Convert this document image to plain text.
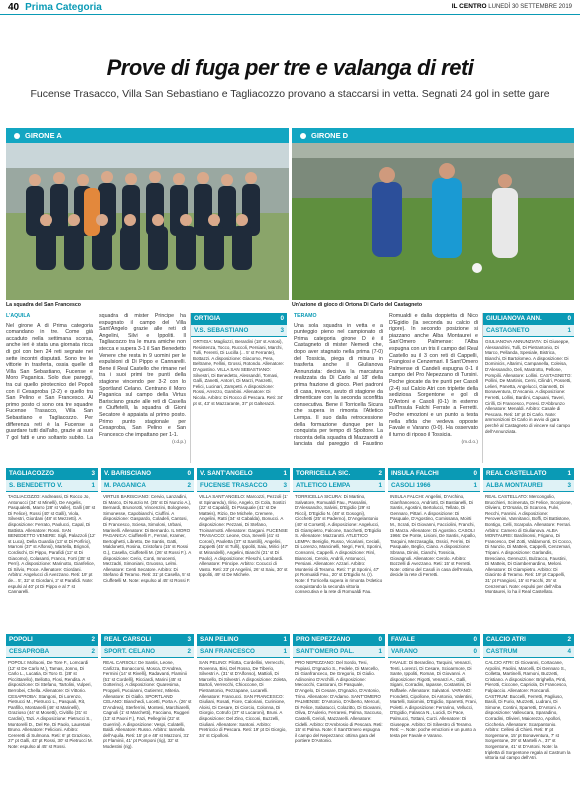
40 Prima Categoria	IL CENTRO LUNEDÌ 30 SETTEMBRE 2019
Prove di fuga per tre e valanga di reti
Fucense Trasacco, Villa San Sebastiano e Tagliacozzo provano a staccarsi in vetta. Segnati 24 gol in sette gare
GIRONE A	GIRONE D
La squadra del San Francesco	Un'azione di gioco di Ortona Di Carlo del Castagneto
L'AQUILA
Nel girone A di Prima categoria comandano in tre. Come già accaduto nella settimana scorsa, anche ieri è stata una giornata ricca di gol con ben 24 reti segnate nei sette incontri disputati. Sono tre le vittorie in trasferta, ossia quelle di Villa San Sebastiano, Fucense e Moro Paganica. Solo due pareggi, tra cui quello pirotecnico del Popoli con il Cesaprobа (2-2) e quello tra San Pelino e San Francesco. Al primo posto ci sono ora tre squadre Fucense Trasacco, Villa San Sebastiano e Tagliacozzo. Per differenza reti è la Fucense a guardare tutti dall'alto, grazie ai suoi 7 gol fatti e uno soltanto subito. La squadra di mister Principe ha espugnato il campo del Villa Sant'Angelo grazie alle reti di Angelini, Silvi e Ippoliti. Il Tagliacozzo tra le mura amiche non stecca e supera 3-1 il San Benedetto Venere che resta in 9 uomini per le espulsioni di Di Pippo e Cannarelli. Bene il Real Castello che rimane nel tra i suoi primi tre punti della stagione vincendo per 3-2 con lo Sportland Celano. Centrano il Moro Paganica sul campo della Virtus Barisciano grazie alle reti di Casella e Ciuffetelli, la squadra di Gioni Secatore è appaiata al primo posto. Primo punto stagionale per Cesaprobа, San Pelino e San Francesco che impattano per 1-1.
(r.d.p.)
ORTIGIA	0
V.S. SEBASTIANO	3
ORTIGIA: Magliozzi, Berardini (18' st Antosi), Resistenza, Tocco, Ruccoli, Persiani, Marchi, Tulli, Ferenti, Di Lucilla (... 5' st Ferrante), Bottazzi. A disposizione: Giacomo, Pera, Beltrame, Fellini, Grossi, Rotondo. Allenatore: D'Agostino. VILLA SAN SEBASTIANO: Silvestri, Di Benedetto, Alessandri, Tomasi, Galli, Zanetti, Antorri, Di Marzi, Panzetti, Felici, Lucinari, Zampetti. A disposizione: Rossi, Arrezzo, Gambini. Allenatore: Di Nicola. Arbitro: Di Rocco di Pescara. Reti: 34' pt st, 43' st Mazzarante, 37' pt Galterazzi.
TERAMO
Una sola squadra in vetta e a punteggio pieno nel campionato di Prima categoria girone D è il Castagneto di mister Nemedi che, dopo aver stagnato nella prima (7-0) del Tossicia, piega di misura in trasferta anche il Giulianova Annunziata: decisiva la marcatura realizzata da Di Carlo al 18' della prima frazione di gioco. Pieri padroni di casa, invece, avuto di stagione da dimenticare con la seconda sconfitta consecutiva. Bene il Torricella Sicura che supera in rimonta l'Atletico Lempa. Il suo dalla retrocessione della formazione dunque per la conquista per tempo di Spoltore. La risconta della squadra di Mazzarotti è lanciata dal pareggio di Faustino Romualdi e dalla doppietta di Nico D'Egidio (la seconda su calcio di rigore). In secondo posizione si piazzano anche Alba Montaurei e San'Omero Palmense: l'Alba espugna con un tris il campo del Real Castello su il 3 con reti di Cappelli, Frangiosi e Cenzemari. Il Sant'Omero Palmense di Candeli espugna 0-1 il campo del Pro Nepezzano di Tursini. Poche giocate da tre punti per Casoli (2-4) sul Calcio Atri con triplette della sediziosa Sorgentone e gol di D'Antoni e Casoli (0-1) in esterno sull'Insula Falchi Ferrate a Ferretti. Poche emozioni e un punto a testa nella sfida che vedeva opposte Favale e Varano (0-0). Ha osservato il turno di riposo il Tossicia.
(m.d.o.)
GIULIANOVA ANN.	0
CASTAGNETO	1
GIULIANOVA ANNUNZIATA: Di Giuseppe, Alessandrini, Tulli, Di Pietrantonio, Di Marco, Pellanda, Spesiale, Bistrica, Bianchi, Di Bartolomeo. A disposizione: Di Dominicis, Altarimi, Campanella, Coleisa, D'Alessandro, Deli, Mastrotto, Pellone, Pompilii. Allenatore: Lollini. CASTAGNETO: Pollini, De Martinis, Cerni, Cilindri, Possetti, Lelieri, Panetta, Angelucci, Giannetti, Di Bonaventura, D'Ascanio. A disposizione: Ferretti, Lollini, Bardini, Capuani, Taveri, Cirilli, Di Francesco, Foresi. D'Abbrunzo Allenatore: Menaldi. Arbitro: Casale di Pescara. Reti: 18' pt Di Carlo. Note: ammonizioni Di Carlo in avvio di gara perché al Castagneto di vincere sul campo dell'Annunziata.
TAGLIACOZZO	3
S. BENEDETTO V.	1
TAGLIACOZZO: Andreassi, Di Rocco Jo, Antonucci (34' st Minelli), De Angelis, Pasqualetti, Marro (28' st Valle), Galli (48' st Di Felice), Rossi (40' st Galli), Viola, Silvestri, Giordani (48' st Mezzetti). A disposizione: Ferrato, Paolucci, Capal, Di Battista. Allenatore: Rossi. SAN BENEDETTO VENERE: Sigli, Palazzoli (12' st Luca), Della Guardia (13' st Di Porfirio), Marroni (37' st Alfonsi), Martella, Brignoli, Cordischi, Di Pippo, Parafidi (12' st Di Giacomo), Colasanti, Franco, Forti (35' st Perri). A disposizione: Marinotto, Gianfelice, Di Silvio, Proce. Allenatore: Giordani. Arbitro: Angelucci di Avezzano. Reti: 19' pt de... 5', 32' st Giordani, 2' st Parafidi. Note: espulsi al 40' pt Di Pippo e al 7' st Cannarelli.
V. BARISCIANO	0
M. PAGANICA	2
VIRTUS BARISCIANO: Cervio, Lanzadini, Di Marco, Di Nunzio M. (35' st Di Nunzio A.), Bernardi, Brunorotti, Vincenzini, Bolognese, Simonesse, Capobianchi, Ciuffini. A disposizione: Gaspardo, Coladeli, Cantosi, Di Francesco, Sciesa, Simoloni, Urbani, Marinelli. Allenatore: Di Bernardo. IL MORO PAGANICA: Ciuffetelli F., Ferrari, Kramer, Bertoghetti, Libretto, De Santis, Gatti, Maldonetti, Rosina, Cristofaro (15' st Rossi G.), Casella, Ciuffetelli M. (26' st Rossi F.). A disposizione: Cerio, Conti, Innocenti, Mezzadri, Simoniani, Gruosso, Lelmi. Allenatore: Centi Secatore. Arbitro: Di Stefano di Teramo. Reti: 31' pt Casella, 5' st Ciuffetelli M. Note: espulso al 45' st Rossi F.
V. SANT'ANGELO	1
FUCENSE TRASACCO	3
VILLA SANT'ANGELO: Marcozzi, Pezzoli (1' st Spinaredu), Ilirio, Angelo, Di Cola, Sostizi (22' st Capaldi), Di Pasquale (41' st De Matteis), Rizio, De Michele, Cremere, Angelini, Ratti (34' st Cabalda), Bonucci. A disposizione: Pezzani, Di Stefano, Troinarmotti. Allenatore: Gargani. FUCENSE TRASACCO: Leone, Oca, Sevelli (41' st Coroni), Paoletta (37' st Santilli), Angelini, Zuppetti (45' st Tulli), Ippoliti, Saiu, Mirici (47' st Mirandelli), Angelini, Bianchi (21' st Di Paolo). A disposizione: Fileschi, Lombardi. Allenatore: Principe. Arbitro: Cocucci di Vasto. Reti: 23' pt Angelini, 26' st Saiu, 30' st Ippoliti, 49' st De Michele.
TORRICELLA SIC.	2
ATLETICO LEMPA	1
TORRICELLA SICURA: Di Martino, Salvatore, Romualdi Fau., Passalini, D'Alessandro, Salvini, D'Egidio (29' st Ricci), D'Egidio N. (48' st Gosogni), Cicchetti (25' st Paderno), D'Angelantonio (40' st Corsetti). A disposizione: Angelucci, Di Giampietro, Falcone, Sacchetti, D'Egidio S. Allenatore: Mazzarotti. ATLETICO LEMPA: Beniglio, Russo, Vicariani, Ceciali, Di Lorenzo, Mancinelli, Negri, Ferri, Sporini, Consonni, Cappelli. A disposizione: Rinì, Bianconi, Cerolo, Andrili, Antonucci, Persiani. Allenatore: Azzari. Arbitro: Monterisi di Teramo. Reti: 7' pt Sporini, 47' pt Romualdi Fau., 20' st D'Egidio N. (r). Note: Il Torricella supera in rimonta l'Atletico conquistando la seconda vittoria consecutiva e la rete di Romualdi Fau.
INSULA FALCHI	0
CASOLI 1966	1
INSULA FALCHI: Angelini, D'Archino, Gianfrancesco, Andriotti, Di Bastianelli, Di Santis, Agostini, Bertolucci, Tellato, Di Gennaro, Pittari. A disposizione: Di Pasquale, D'Agostino, Comissana, Moirti M., Scrati, Di Giovanni, Facciolini, Franchi, Di Marza. Allenatore: Di Agostino. CASOLI 1966: De Ponte, Lisioni, De Santis, Arpallo, Tarquini, Mezzasaglia, Ossici, Ferrini, Di Pasquale, Beglio, Ciano. A disposizione: Sbrana, Dinini, Cianchi, Tossicia, Giovagnoli. Allenatore: Cerolo. Arbitro: Bozzelli di Avezzano. Reti: 15' st Ferretti. Note: ottimo del Casoli in casa dell'Insula, decide la rete di Ferretti.
REAL CASTELLATO	1
ALBA MONTAUREI	3
REAL CASTELLATO: Mercongolio, Brucchieri, Scimeruta, Di Felice, Scorpione, Oliviero, D'Orsaria, Di Scarcea, Fulvi, Recchi, Fannini. A disposizione: Perovenini, Vannitanci, Boffi, Di Battistone, Bontigo, Celli, Scarpola. Allenatore: Ferrari. Arbitro: Camero di Giulianova. ALBA MONTAUREI: Bardinonsi, Frigano, Di Francesco, Del Zotti, Valdamonti, Di Cocco, Di Nunzio, Di Matteis, Cappelli, Cenzemari, Tripani. A disposizione: Garlandis, Bresciano, Gennuzzi, Bulzacco, Faustini, Di Matteis, Di Giambernardino, Meloni. Allenatore: Di Giampietro. Arbitro: Di Giacinto di Teramo. Reti: 19' pt Cappelli, 31' pt Frangiosi, 15' st Facchi, 25' st Cenzemari. Note: espulsi per dell'Alba Montaurei, lo ha il Real Castellato.
POPOLI	2
CESAPROBA	2
POPOLI: Moltuoni, De Tore F., Lomcardi (12' st De Carlo M.), Tamas, Jonno, Di Carlo L., Lucatia, Di Toro G. (28' st Piccittarello), Bellotto, Flosi, Rendita. A disposizione: Di Stefano, Tartolini, Vulperi, Berrobei, Chella. Allenatore: Di Vittorio. CESAPROBA: Stangoni, Di Lorenzo, Pietrucci M., Pietrucci L., Pasquali, Rit, Panfillo, Montanelli (46' st Marinelli), Grazioso (44' st Mosetti), Civitillo (31' st Cardini), Tazi. A disposizione: Pietrucci S., Montorelli D., Del Re, Di Paolo, Lauretani Bruno. Allenatore: Felicioni. Arbitro: Cereretti di Sulmona. Reti: 6' pt Grazioso, 27' pt Galli, 43' pt Rossi, 30' st Pietrucci M. Note: espulso al 45' st Rossi.
REAL CARSOLI	3
SPORT. CELANO	2
REAL CARSOLI: De Santis, Leone, Carlizza, Bonaccorsi, Mosca, D'Andrea, Fermini (14' st Rivelli), Radavanti, Flaminii (51' st Cordelli), Ricciardi, Marini (45' st Gotterino). A disposizione: Quaresima, Proppeli, Pucoianni, Gutierrez, Miteria. Allenatore: Di Giallo. SPORTLAND CELANO: Bianchedi, Locetti, Porta A. (26' st D'Andrea), Sterferrini, Montesi, Marchiarelli, Cagnoli (1' st Marchetti), Facciano, Ruggeri (13' st Paoni F.), Fazi, Pellegrini (22' st Guerrini). A disposizione: Vespi, Colatelli, Baldi. Allenatore: Russo. Arbitro: Iannella dell'Aquila. Reti: 15' pt e 48' st Mazzoni, 31' pt Flaminii, 41' pt Pomponi (rig), 32' st Modestini (rig).
SAN PELINO	1
SAN FRANCESCO	1
SAN PELINO: Pilotta, Cordellini, Verrecchi, Rovenna, Bisi, Del Rosso, De Tiberio, Silvestri A. (31' st D'Alfonso), Mattioli, Di Marcello, Di Silvestri. A disposizione: Zoleta, Bartoli, Verrecchi, Chioccone, Di Pietrantonio, Pezzapane, Lucarelli. Allenatore: Francucci. SAN FRANCESCO: Giuliani, Rosati, Fiore, Caloriani, Curinione, Aloisi, Di Cesare, Di Ciorcio, Colonna, Di Giorgio, Cotrufo (37' st Lucaroni), Bruni. A disposizione: Del Zino, Cicconi, Buzzelli, Giuliani. Allenatore: Santoni. Arbitro: Pretriccio di Pescara. Reti: 19' pt Di Giorgio, 34' st Cipolloni.
PRO NEPEZZANO	0
SANT'OMERO PAL.	1
PRO NEPEZZANO: Del Sordo, Tesi, Pupiasi, D'Ignazio S., Fedele, Di Marcello, Di Gianfranceco, De Gregorio, Di Giulio. Adinonino D'Archilli. A disposizione: Mecocchi, Castorani, Di Pasquale, D'Angelo, Di Cesare, D'Ignazio, D'Antonio, Trino. Allenatore: D'Adamo. SANT'OMERO PALMENSE: D'Antonio, D'Alberto, Mercuri, Di Felice, Sabatucci, Colazitto, Di Giovanni, Oliva, D'Aulerio, Ferraresi, Palma, Saccuso, Castelli, Cerioli, Mazzarelli. Allenatore: Cidelli. Arbitro: D'Ambrosio di Pescara. Reti: 15' st Palma. Note: Il Sant'Omero espugna il campo del Nepezzano: ottima gara del portiere D'Antonio.
FAVALE	0
VARANO	0
FAVALE: Di Berardino, Tarquini, Venanzi, Tenti, Lorenzi, Di Cesare, Scioarmore, Di Sante, Ippoliti, Roman, Di Giovanni. A disposizione: Rigotti, Venanzi A., Galli, Sigani, Corradini, Iapasse, Costantini, Di Raffaele. Allenatore: Salvatori. VARANO: Frondetti, Cipollone, Di Antonio, Valentini, Martelli, Salomini, D'Egidio, Sparretti, Frani, Poletti. A disposizione: Ferrarino, Vellucci, D'Egidio, Falasca N., Lucidi, Di Pace, Palmucci, Tottani, Curzi. Allenatore: Di Giuseppe. Arbitro: Di Silvestro di Teramo. Reti: --. Note: poche emozioni e un punto a testa per Favale e Varano.
CALCIO ATRI	2
CASTRUM	4
CALCIO ATRI: Di Giovanni, Cortacane, Arpolini, Paolini, Marcelli, Di Gennaro S., Colletta, Martinelli, Ramoni, Buzzetti, Cristiano. A disposizione: Brighella, Pinti, Pierotti, Ciccone, Capriola, Di Francesco, Falpiaccio. Allenatore: Roncaroli. CASTRUM: Buccelli, Ferretti, Pagliuso, Basili, Di Furio, Muzzetti, Ludrani, Di Simone, Contini, Sparretti, D'Antoni. A disposizione: Valleucara, Sparadino, Corradini, Olivieri, Maiorezzo, Apollori, Ciccheria. Allenatore: Scarpantonio. Arbitro: Cellesi di Chieti. Reti: 9' pt Sorgentone, 15' pt Bonaventura, 7' st Sorgentone, 29' st Martelli A., 37' st Sorgentone, 41' st D'Antoni. Note: la tripletta di Sorgentone regala al Castrum la vittoria sul campo dell'Atri.
